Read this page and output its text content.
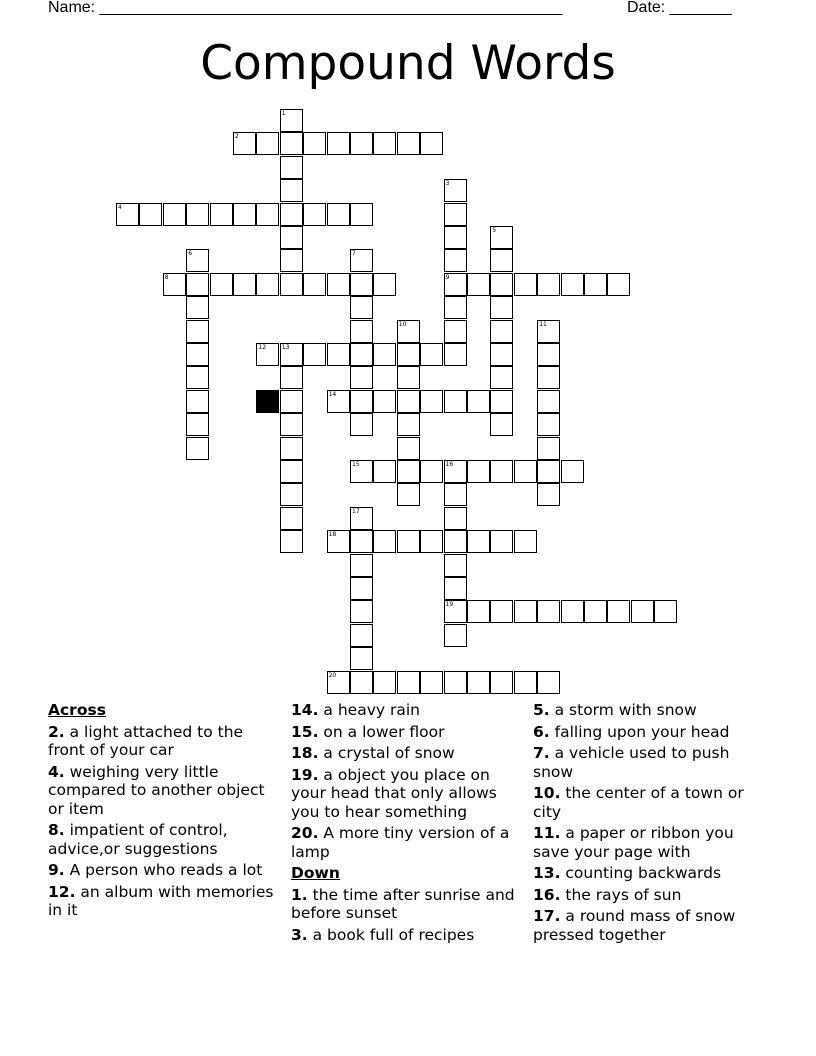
Name: ____________________________________________________	Date: _______
Compound Words
2
4
8	9
12	13
14
15	16
18
19
20
1
3
5
6	7
10	11
17
Across
2. a light attached to the front of your car
4. weighing very little compared to another object or item
8. impatient of control, advice,or suggestions
9. A person who reads a lot
12. an album with memories in it
14. a heavy rain
15. on a lower floor
18. a crystal of snow
19. a object you place on your head that only allows you to hear something
20. A more tiny version of a lamp
Down
1. the time after sunrise and before sunset
3. a book full of recipes
5. a storm with snow
6. falling upon your head
7. a vehicle used to push snow
10. the center of a town or city
11. a paper or ribbon you save your page with
13. counting backwards
16. the rays of sun
17. a round mass of snow pressed together
